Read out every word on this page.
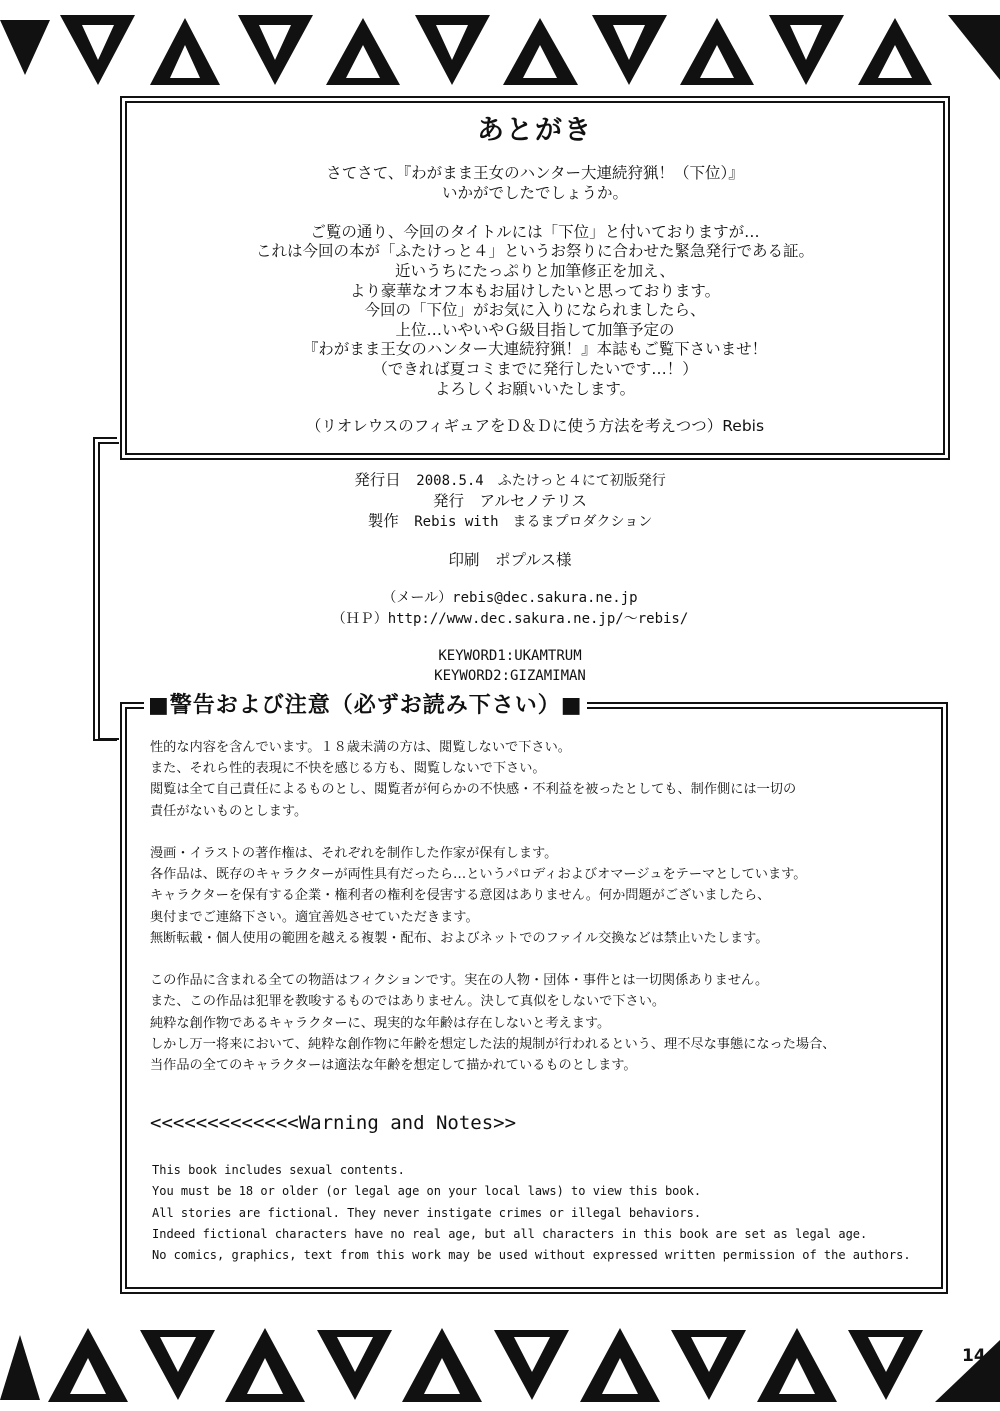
あとがき
さてさて、『わがまま王女のハンター大連続狩猟！（下位）』
いかがでしたでしょうか。
ご覧の通り、今回のタイトルには「下位」と付いておりますが…
これは今回の本が「ふたけっと４」というお祭りに合わせた緊急発行である証。
近いうちにたっぷりと加筆修正を加え、
より豪華なオフ本もお届けしたいと思っております。
今回の「下位」がお気に入りになられましたら、
上位…いやいやＧ級目指して加筆予定の
『わがまま王女のハンター大連続狩猟！』本誌もご覧下さいませ！
（できれば夏コミまでに発行したいです…！）
よろしくお願いいたします。
（リオレウスのフィギュアをＤ＆Ｄに使う方法を考えつつ）Rebis
発行日　 2008.5.4　ふたけっと４にて初版発行
発行　 アルセノテリス
製作　 Rebis with　まるまプロダクション
印刷　 ポプルス様
（メール）rebis@dec.sakura.ne.jp
（ＨＰ）http://www.dec.sakura.ne.jp/～rebis/
KEYWORD1:UKAMTRUM
KEYWORD2:GIZAMIMAN
■警告および注意（必ずお読み下さい）■
性的な内容を含んでいます。１８歳未満の方は、閲覧しないで下さい。
また、それら性的表現に不快を感じる方も、閲覧しないで下さい。
閲覧は全て自己責任によるものとし、閲覧者が何らかの不快感・不利益を被ったとしても、制作側には一切の
責任がないものとします。
漫画・イラストの著作権は、それぞれを制作した作家が保有します。
各作品は、既存のキャラクターが両性具有だったら…というパロディおよびオマージュをテーマとしています。
キャラクターを保有する企業・権利者の権利を侵害する意図はありません。何か問題がございましたら、
奥付までご連絡下さい。適宜善処させていただきます。
無断転載・個人使用の範囲を越える複製・配布、およびネットでのファイル交換などは禁止いたします。
この作品に含まれる全ての物語はフィクションです。実在の人物・団体・事件とは一切関係ありません。
また、この作品は犯罪を教唆するものではありません。決して真似をしないで下さい。
純粋な創作物であるキャラクターに、現実的な年齢は存在しないと考えます。
しかし万一将来において、純粋な創作物に年齢を想定した法的規制が行われるという、理不尽な事態になった場合、
当作品の全てのキャラクターは適法な年齢を想定して描かれているものとします。
<<<<<<<<<<<<<Warning and Notes>>
This book includes sexual contents.
You must be 18 or older (or legal age on your local laws) to view this book.
All stories are fictional. They never instigate crimes or illegal behaviors.
Indeed fictional characters have no real age, but all characters in this book are set as legal age.
No comics, graphics, text from this work may be used without expressed written permission of the authors.
14
